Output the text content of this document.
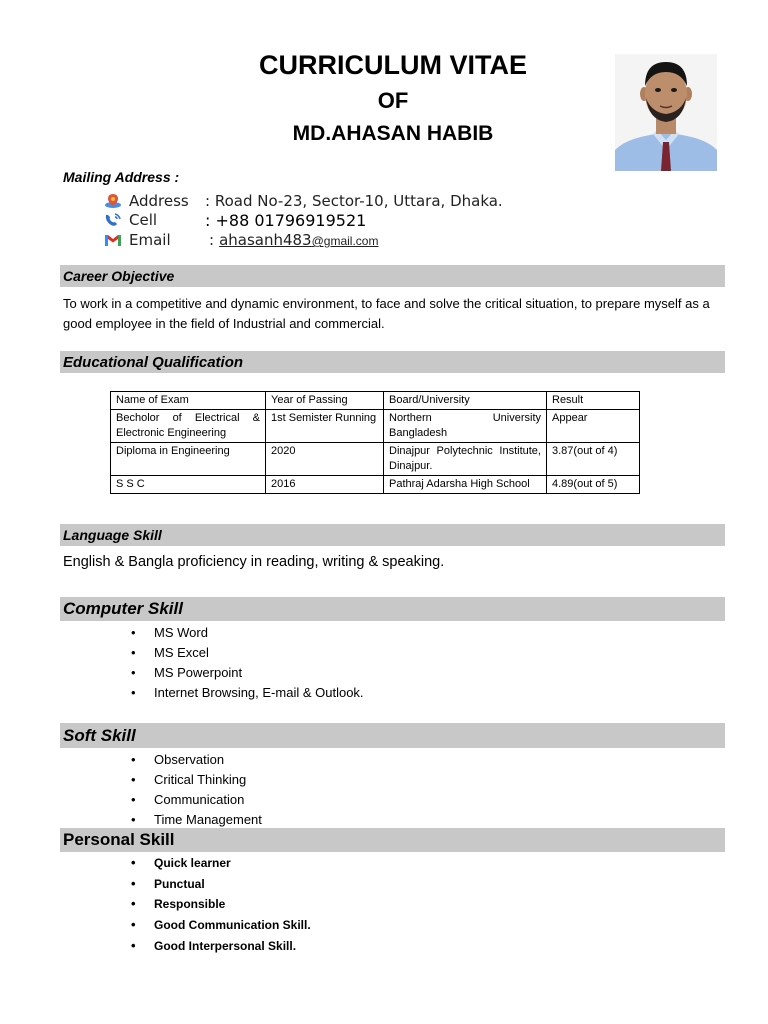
CURRICULUM VITAE
OF
MD.AHASAN HABIB
Mailing Address :
Address	: Road No-23, Sector-10, Uttara, Dhaka.
Cell	: +88 01796919521
Email	: ahasanh483@gmail.com
Career Objective
To work in a competitive and dynamic environment, to face and solve the critical situation, to prepare myself as a good employee in the field of Industrial and commercial.
Educational Qualification
Name of Exam	Year of Passing	Board/University	Result
Becholor of Electrical & Electronic Engineering	1st Semister Running	Northern University Bangladesh	Appear
Diploma in Engineering	2020	Dinajpur Polytechnic Institute, Dinajpur.	3.87(out of 4)
S S C	2016	Pathraj Adarsha High School	4.89(out of 5)
Language Skill
English & Bangla proficiency in reading, writing & speaking.
Computer Skill
• MS Word
• MS Excel
• MS Powerpoint
• Internet Browsing, E-mail & Outlook.
Soft Skill
• Observation
• Critical Thinking
• Communication
• Time Management
Personal Skill
• Quick learner
• Punctual
• Responsible
• Good Communication Skill.
• Good Interpersonal Skill.
